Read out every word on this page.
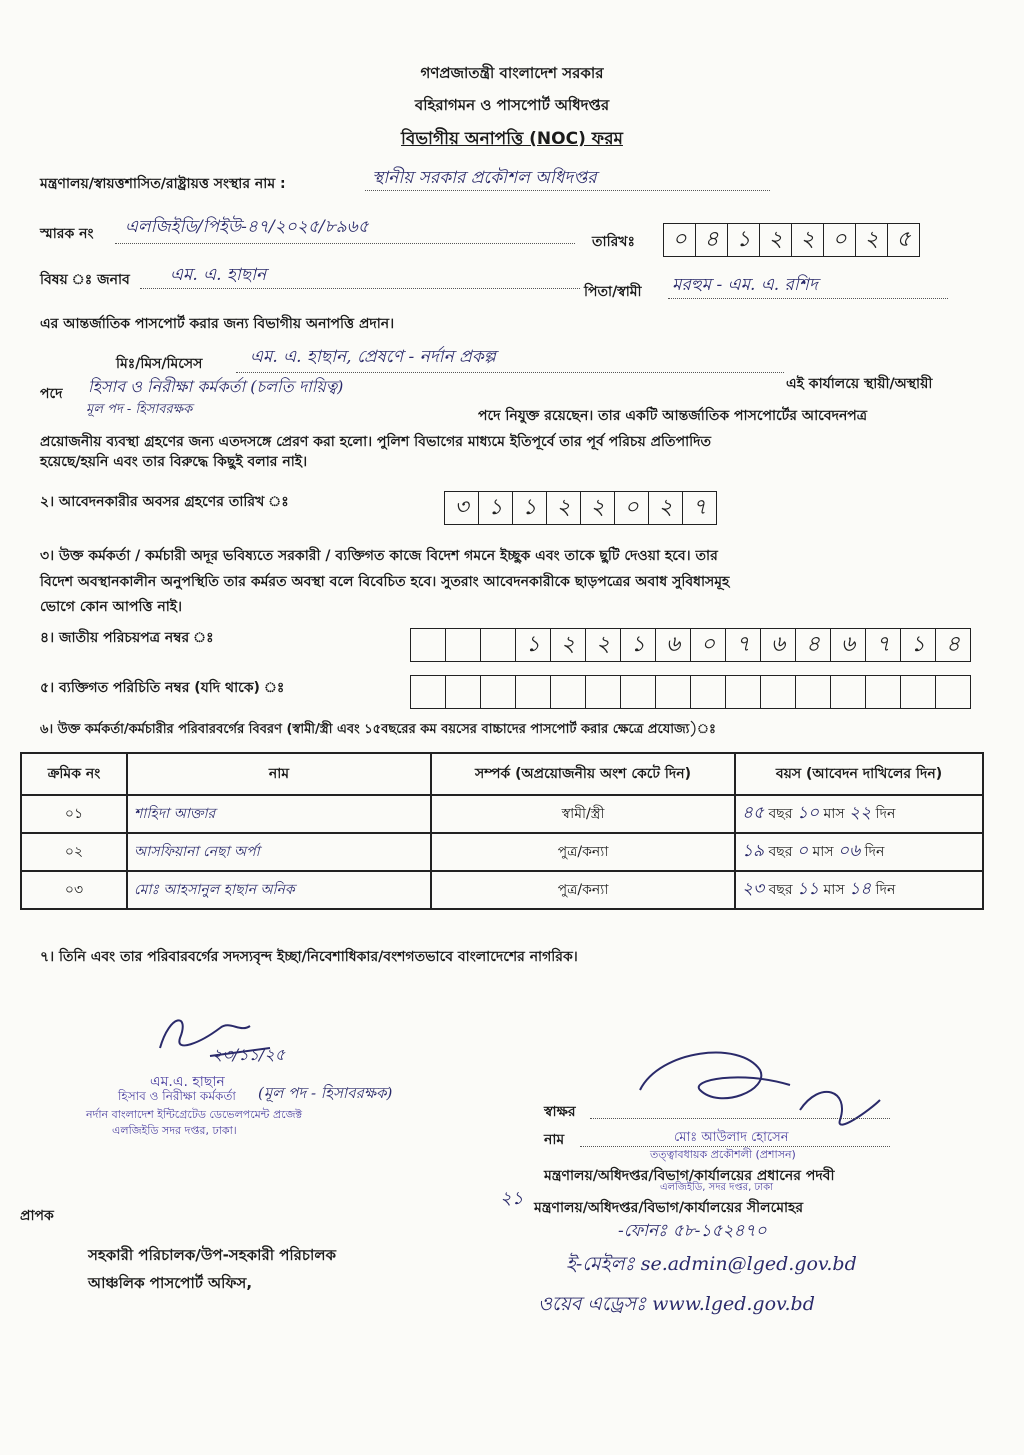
গণপ্রজাতন্ত্রী বাংলাদেশ সরকার
বহিরাগমন ও পাসপোর্ট অধিদপ্তর
বিভাগীয় অনাপত্তি (NOC) ফরম
মন্ত্রণালয়/স্বায়ত্তশাসিত/রাষ্ট্রায়ত্ত সংস্থার নাম :	স্থানীয় সরকার প্রকৌশল অধিদপ্তর
স্মারক নং এলজিইডি/পিইউ-৪৭/২০২৫/৮৯৬৫
তারিখঃ	০ ৪ ১ ২ ২ ০ ২ ৫
বিষয় ঃ জনাব এম. এ. হাছান
পিতা/স্বামী মরহুম - এম. এ. রশিদ
এর আন্তর্জাতিক পাসপোর্ট করার জন্য বিভাগীয় অনাপত্তি প্রদান।
মিঃ/মিস/মিসেস	এম. এ. হাছান, প্রেষণে - নর্দান প্রকল্প
এই কার্যালয়ে স্থায়ী/অস্থায়ী
পদে হিসাব ও নিরীক্ষা কর্মকর্তা (চলতি দায়িত্ব)
পদে নিযুক্ত রয়েছেন। তার একটি আন্তর্জাতিক পাসপোর্টের আবেদনপত্র
মূল পদ - হিসাবরক্ষক
প্রয়োজনীয় ব্যবস্থা গ্রহণের জন্য এতদসঙ্গে প্রেরণ করা হলো। পুলিশ বিভাগের মাধ্যমে ইতিপূর্বে তার পূর্ব পরিচয় প্রতিপাদিত
হয়েছে/হয়নি এবং তার বিরুদ্ধে কিছুই বলার নাই।
২। আবেদনকারীর অবসর গ্রহণের তারিখ ঃ	৩ ১ ১ ২ ২ ০ ২ ৭
৩। উক্ত কর্মকর্তা / কর্মচারী অদূর ভবিষ্যতে সরকারী / ব্যক্তিগত কাজে বিদেশ গমনে ইচ্ছুক এবং তাকে ছুটি দেওয়া হবে। তার
বিদেশ অবস্থানকালীন অনুপস্থিতি তার কর্মরত অবস্থা বলে বিবেচিত হবে। সুতরাং আবেদনকারীকে ছাড়পত্রের অবাধ সুবিধাসমূহ
ভোগে কোন আপত্তি নাই।
৪। জাতীয় পরিচয়পত্র নম্বর ঃ	১ ২ ২ ১ ৬ ০ ৭ ৬ ৪ ৬ ৭ ১ ৪
৫। ব্যক্তিগত পরিচিতি নম্বর (যদি থাকে) ঃ
৬। উক্ত কর্মকর্তা/কর্মচারীর পরিবারবর্গের বিবরণ (স্বামী/স্ত্রী এবং ১৫বছরের কম বয়সের বাচ্চাদের পাসপোর্ট করার ক্ষেত্রে প্রযোজ্য)ঃ
ক্রমিক নং	নাম	সম্পর্ক (অপ্রয়োজনীয় অংশ কেটে দিন)	বয়স (আবেদন দাখিলের দিন)
০১	শাহিদা আক্তার	স্বামী/স্ত্রী	৪৫ বছর ১০ মাস ২২ দিন
০২	আসফিয়ানা নেছা অর্পা	পুত্র/কন্যা	১৯ বছর ০ মাস ০৬ দিন
০৩	মোঃ আহসানুল হাছান অনিক	পুত্র/কন্যা	২৩ বছর ১১ মাস ১৪ দিন
৭। তিনি এবং তার পরিবারবর্গের সদস্যবৃন্দ ইচ্ছা/নিবেশাধিকার/বংশগতভাবে বাংলাদেশের নাগরিক।
২৩/১১/২৫
এম.এ. হাছান
হিসাব ও নিরীক্ষা কর্মকর্তা (মূল পদ - হিসাবরক্ষক)
নর্দান বাংলাদেশ ইন্টিগ্রেটেড ডেভেলপমেন্ট প্রজেক্ট
এলজিইডি সদর দপ্তর, ঢাকা।
স্বাক্ষর
নাম	মোঃ আউলাদ হোসেন
তত্ত্বাবধায়ক প্রকৌশলী (প্রশাসন)
মন্ত্রণালয়/অধিদপ্তর/বিভাগ/কার্যালয়ের প্রধানের পদবী
এলজিইডি, সদর দপ্তর, ঢাকা
২১ মন্ত্রণালয়/অধিদপ্তর/বিভাগ/কার্যালয়ের সীলমোহর
-ফোনঃ ৫৮-১৫২৪৭০
ই-মেইলঃ se.admin@lged.gov.bd
ওয়েব এড্রেসঃ www.lged.gov.bd
প্রাপক
সহকারী পরিচালক/উপ-সহকারী পরিচালক
আঞ্চলিক পাসপোর্ট অফিস,
